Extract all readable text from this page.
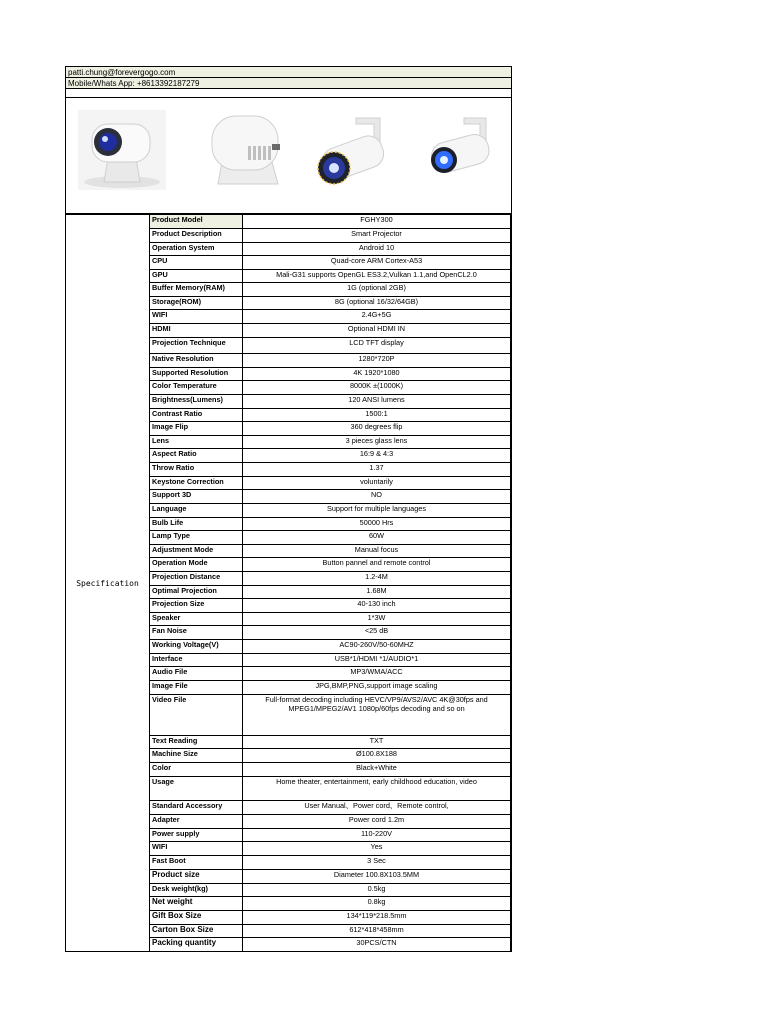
patti.chung@forevergogo.com
Mobile/Whats App: +8613392187279
Specification	Product Model	FGHY300
	Product Description	Smart Projector
	Operation System	Android 10
	CPU	Quad-core ARM Cortex-A53
	GPU	Mali-G31 supports OpenGL ES3.2,Vulkan 1.1,and OpenCL2.0
	Buffer Memory(RAM)	1G (optional 2GB)
	Storage(ROM)	8G (optional 16/32/64GB)
	WIFI	2.4G+5G
	HDMI	Optional HDMI IN
	Projection Technique	LCD TFT display
	Native Resolution	1280*720P
	Supported Resolution	4K 1920*1080
	Color Temperature	8000K ±(1000K)
	Brightness(Lumens)	120 ANSI lumens
	Contrast Ratio	1500:1
	Image Flip	360 degrees flip
	Lens	3 pieces glass lens
	Aspect Ratio	16:9 & 4:3
	Throw Ratio	1.37
	Keystone Correction	voluntarily
	Support 3D	NO
	Language	Support for multiple languages
	Bulb Life	50000 Hrs
	Lamp Type	60W
	Adjustment Mode	Manual focus
	Operation Mode	Button pannel and remote control
	Projection Distance	1.2-4M
	Optimal Projection	1.68M
	Projection Size	40-130 inch
	Speaker	1*3W
	Fan Noise	<25 dB
	Working Voltage(V)	AC90-260V/50-60MHZ
	Interface	USB*1/HDMI *1/AUDIO*1
	Audio File	MP3/WMA/ACC
	Image File	JPG,BMP,PNG,support image scaling
	Video File	Full-format decoding including HEVC/VP9/AVS2/AVC 4K@30fps and MPEG1/MPEG2/AV1 1080p/60fps decoding and so on
	Text Reading	TXT
	Machine Size	Ø100.8X188
	Color	Black+White
	Usage	Home theater, entertainment, early childhood education, video
	Standard Accessory	User Manual、Power cord、Remote control,
	Adapter	Power cord 1.2m
	Power supply	110-220V
	WIFI	Yes
	Fast Boot	3 Sec
	Product size	Diameter 100.8X103.5MM
	Desk weight(kg)	0.5kg
	Net weight	0.8kg
	Gift Box Size	134*119*218.5mm
	Carton Box Size	612*418*458mm
	Packing quantity	30PCS/CTN
